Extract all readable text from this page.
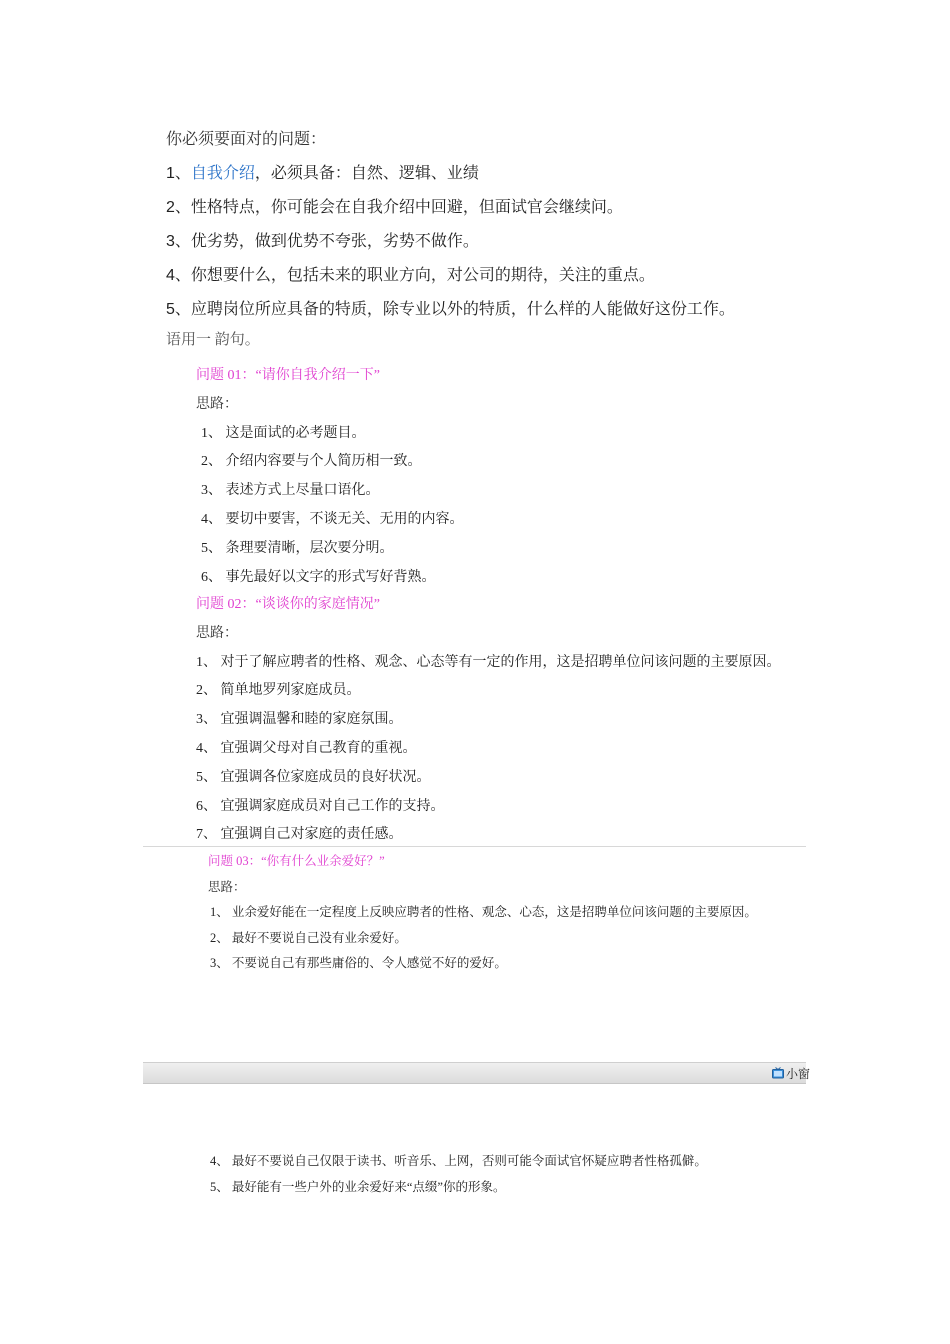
你必须要面对的问题：
1、自我介绍，必须具备：自然、逻辑、业绩
2、性格特点，你可能会在自我介绍中回避，但面试官会继续问。
3、优劣势，做到优势不夸张，劣势不做作。
4、你想要什么，包括未来的职业方向，对公司的期待，关注的重点。
5、应聘岗位所应具备的特质，除专业以外的特质，什么样的人能做好这份工作。
语用一 韵句。
问题 01：“请你自我介绍一下”
思路：
1、 这是面试的必考题目。
2、 介绍内容要与个人简历相一致。
3、 表述方式上尽量口语化。
4、 要切中要害，不谈无关、无用的内容。
5、 条理要清晰，层次要分明。
6、 事先最好以文字的形式写好背熟。
问题 02：“谈谈你的家庭情况”
思路：
1、 对于了解应聘者的性格、观念、心态等有一定的作用，这是招聘单位问该问题的主要原因。
2、 简单地罗列家庭成员。
3、 宜强调温馨和睦的家庭氛围。
4、 宜强调父母对自己教育的重视。
5、 宜强调各位家庭成员的良好状况。
6、 宜强调家庭成员对自己工作的支持。
7、 宜强调自己对家庭的责任感。
问题 03：“你有什么业余爱好？”
思路：
1、 业余爱好能在一定程度上反映应聘者的性格、观念、心态，这是招聘单位问该问题的主要原因。
2、 最好不要说自己没有业余爱好。
3、 不要说自己有那些庸俗的、令人感觉不好的爱好。
小窗
4、 最好不要说自己仅限于读书、听音乐、上网，否则可能令面试官怀疑应聘者性格孤僻。
5、 最好能有一些户外的业余爱好来“点缀”你的形象。
